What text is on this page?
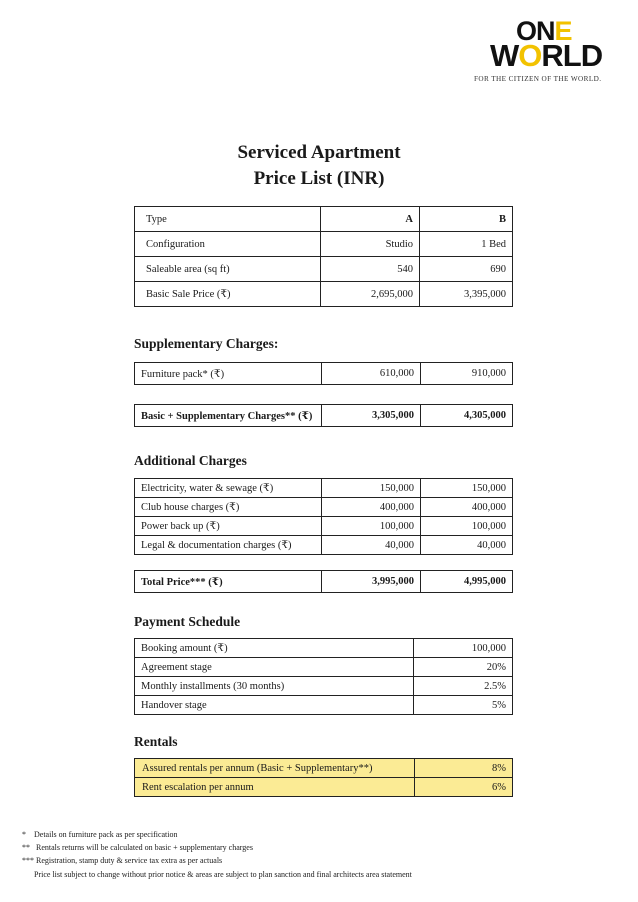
ONE
WORLD
FOR THE CITIZEN OF THE WORLD.
Serviced Apartment
Price List (INR)
Type	A	B
Configuration	Studio	1 Bed
Saleable area (sq ft)	540	690
Basic Sale Price (₹)	2,695,000	3,395,000
Supplementary Charges:
Furniture pack* (₹)	610,000	910,000
Basic + Supplementary Charges** (₹)	3,305,000	4,305,000
Additional Charges
Electricity, water & sewage (₹)	150,000	150,000
Club house charges (₹)	400,000	400,000
Power back up (₹)	100,000	100,000
Legal & documentation charges (₹)	40,000	40,000
Total Price*** (₹)	3,995,000	4,995,000
Payment Schedule
Booking amount (₹)	100,000
Agreement stage	20%
Monthly installments (30 months)	2.5%
Handover stage	5%
Rentals
Assured rentals per annum (Basic + Supplementary**)	8%
Rent escalation per annum	6%
*    Details on furniture pack as per specification
**   Rentals returns will be calculated on basic + supplementary charges
*** Registration, stamp duty & service tax extra as per actuals
Price list subject to change without prior notice & areas are subject to plan sanction and final architects area statement
